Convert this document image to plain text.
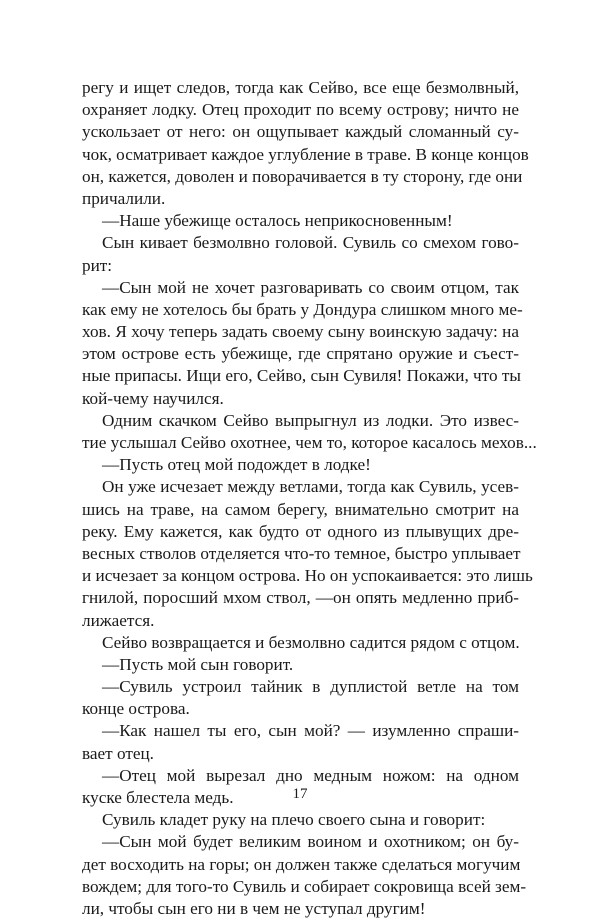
регу и ищет следов, тогда как Сейво, все еще безмолвный,
охраняет лодку. Отец проходит по всему острову; ничто не
ускользает от него: он ощупывает каждый сломанный су-
чок, осматривает каждое углубление в траве. В конце концов
он, кажется, доволен и поворачивается в ту сторону, где они
причалили.
—Наше убежище осталось неприкосновенным!
Сын кивает безмолвно головой. Сувиль со смехом гово-
рит:
—Сын мой не хочет разговаривать со своим отцом, так
как ему не хотелось бы брать у Дондура слишком много ме-
хов. Я хочу теперь задать своему сыну воинскую задачу: на
этом острове есть убежище, где спрятано оружие и съест-
ные припасы. Ищи его, Сейво, сын Сувиля! Покажи, что ты
кой-чему научился.
Одним скачком Сейво выпрыгнул из лодки. Это извес-
тие услышал Сейво охотнее, чем то, которое касалось мехов...
—Пусть отец мой подождет в лодке!
Он уже исчезает между ветлами, тогда как Сувиль, усев-
шись на траве, на самом берегу, внимательно смотрит на
реку. Ему кажется, как будто от одного из плывущих дре-
весных стволов отделяется что-то темное, быстро уплывает
и исчезает за концом острова. Но он успокаивается: это лишь
гнилой, поросший мхом ствол, —он опять медленно приб-
лижается.
Сейво возвращается и безмолвно садится рядом с отцом.
—Пусть мой сын говорит.
—Сувиль устроил тайник в дуплистой ветле на том
конце острова.
—Как нашел ты его, сын мой? — изумленно спраши-
вает отец.
—Отец мой вырезал дно медным ножом: на одном
куске блестела медь.
Сувиль кладет руку на плечо своего сына и говорит:
—Сын мой будет великим воином и охотником; он бу-
дет восходить на горы; он должен также сделаться могучим
вождем; для того-то Сувиль и собирает сокровища всей зем-
ли, чтобы сын его ни в чем не уступал другим!
17
